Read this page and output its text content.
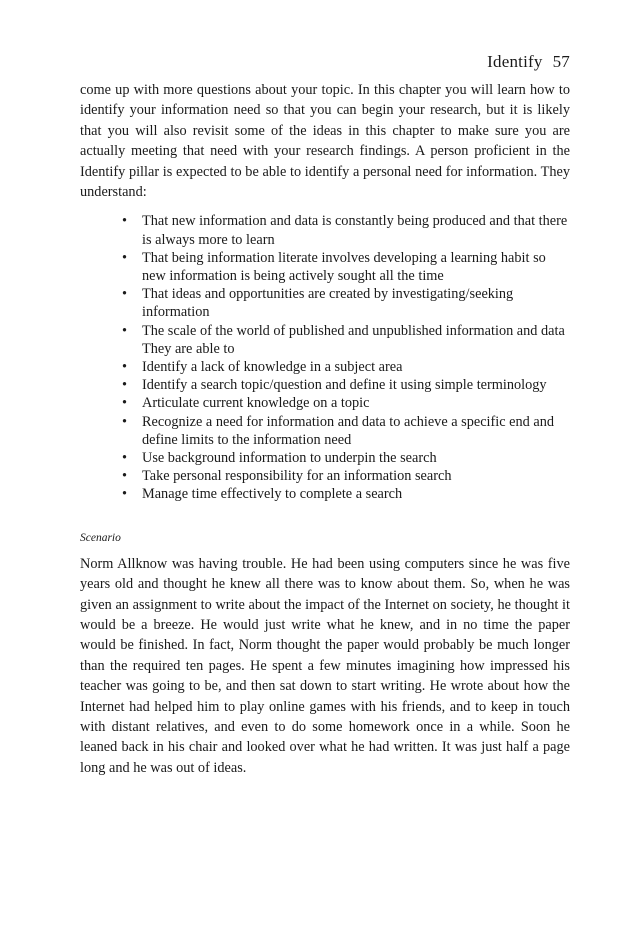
Identify 57

come up with more questions about your topic. In this chapter you will learn how to identify your information need so that you can begin your research, but it is likely that you will also revisit some of the ideas in this chapter to make sure you are actually meeting that need with your research findings. A person proficient in the Identify pillar is expected to be able to identify a personal need for information. They understand:

• That new information and data is constantly being produced and that there is always more to learn
• That being information literate involves developing a learning habit so new information is being actively sought all the time
• That ideas and opportunities are created by investigating/seeking information
• The scale of the world of published and unpublished information and data They are able to
• Identify a lack of knowledge in a subject area
• Identify a search topic/question and define it using simple terminology
• Articulate current knowledge on a topic
• Recognize a need for information and data to achieve a specific end and define limits to the information need
• Use background information to underpin the search
• Take personal responsibility for an information search
• Manage time effectively to complete a search
Scenario

Norm Allknow was having trouble. He had been using computers since he was five years old and thought he knew all there was to know about them. So, when he was given an assignment to write about the impact of the Internet on society, he thought it would be a breeze. He would just write what he knew, and in no time the paper would be finished. In fact, Norm thought the paper would probably be much longer than the required ten pages. He spent a few minutes imagining how impressed his teacher was going to be, and then sat down to start writing. He wrote about how the Internet had helped him to play online games with his friends, and to keep in touch with distant relatives, and even to do some homework once in a while. Soon he leaned back in his chair and looked over what he had written. It was just half a page long and he was out of ideas.
